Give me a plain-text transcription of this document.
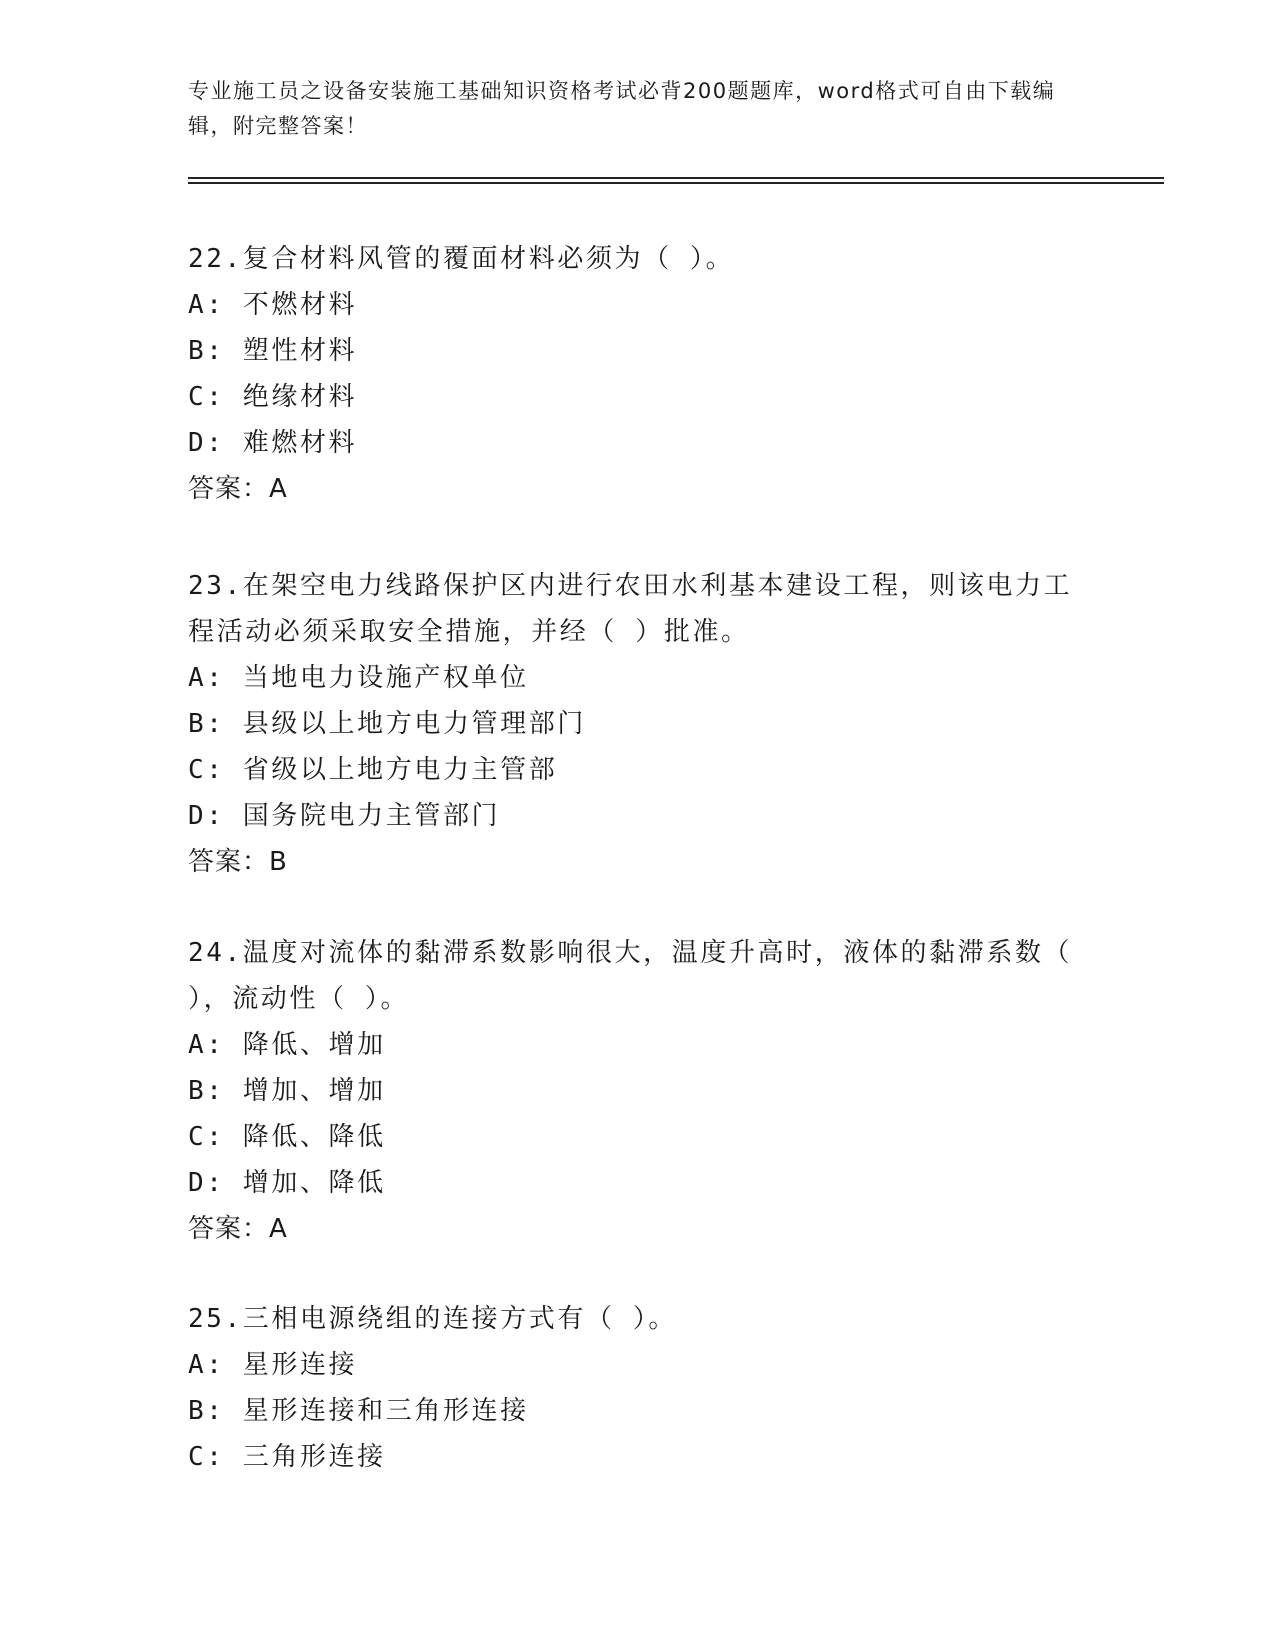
专业施工员之设备安装施工基础知识资格考试必背200题题库，word格式可自由下载编辑，附完整答案！

22.复合材料风管的覆面材料必须为（ ）。

A: 不燃材料

B: 塑性材料

C: 绝缘材料

D: 难燃材料

答案：A

23.在架空电力线路保护区内进行农田水利基本建设工程，则该电力工程活动必须采取安全措施，并经（ ）批准。

A: 当地电力设施产权单位

B: 县级以上地方电力管理部门

C: 省级以上地方电力主管部

D: 国务院电力主管部门

答案：B

24.温度对流体的黏滞系数影响很大，温度升高时，液体的黏滞系数（ ），流动性（ ）。

A: 降低、增加

B: 增加、增加

C: 降低、降低

D: 增加、降低

答案：A

25.三相电源绕组的连接方式有（ ）。

A: 星形连接

B: 星形连接和三角形连接

C: 三角形连接
